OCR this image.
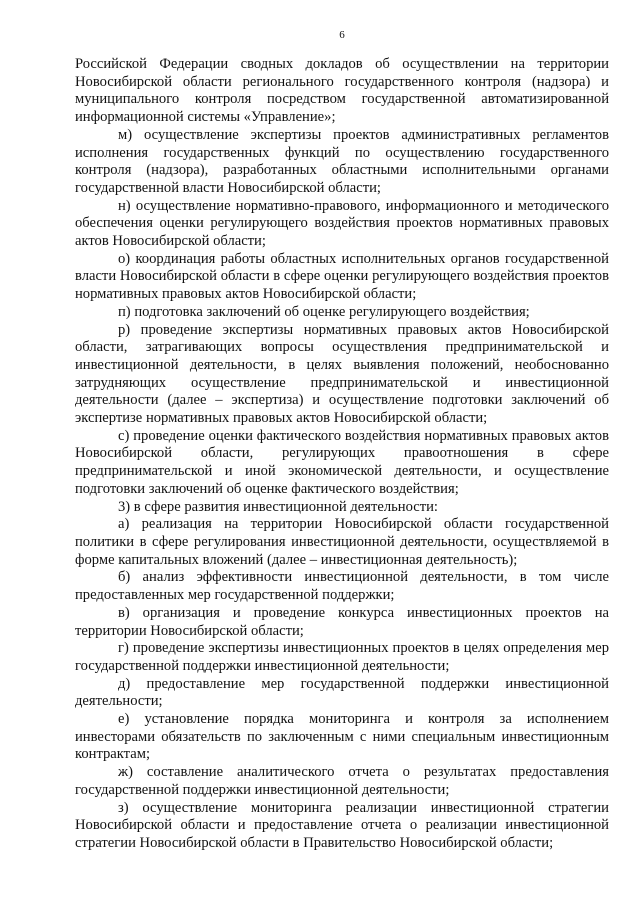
6

Российской Федерации сводных докладов об осуществлении на территории Новосибирской области регионального государственного контроля (надзора) и муниципального контроля посредством государственной автоматизированной информационной системы «Управление»;

м) осуществление экспертизы проектов административных регламентов исполнения государственных функций по осуществлению государственного контроля (надзора), разработанных областными исполнительными органами государственной власти Новосибирской области;

н) осуществление нормативно-правового, информационного и методического обеспечения оценки регулирующего воздействия проектов нормативных правовых актов Новосибирской области;

о) координация работы областных исполнительных органов государственной власти Новосибирской области в сфере оценки регулирующего воздействия проектов нормативных правовых актов Новосибирской области;

п) подготовка заключений об оценке регулирующего воздействия;

р) проведение экспертизы нормативных правовых актов Новосибирской области, затрагивающих вопросы осуществления предпринимательской и инвестиционной деятельности, в целях выявления положений, необоснованно затрудняющих осуществление предпринимательской и инвестиционной деятельности (далее – экспертиза) и осуществление подготовки заключений об экспертизе нормативных правовых актов Новосибирской области;

с) проведение оценки фактического воздействия нормативных правовых актов Новосибирской области, регулирующих правоотношения в сфере предпринимательской и иной экономической деятельности, и осуществление подготовки заключений об оценке фактического воздействия;

3) в сфере развития инвестиционной деятельности:

а) реализация на территории Новосибирской области государственной политики в сфере регулирования инвестиционной деятельности, осуществляемой в форме капитальных вложений (далее – инвестиционная деятельность);

б) анализ эффективности инвестиционной деятельности, в том числе предоставленных мер государственной поддержки;

в) организация и проведение конкурса инвестиционных проектов на территории Новосибирской области;

г) проведение экспертизы инвестиционных проектов в целях определения мер государственной поддержки инвестиционной деятельности;

д) предоставление мер государственной поддержки инвестиционной деятельности;

е) установление порядка мониторинга и контроля за исполнением инвесторами обязательств по заключенным с ними специальным инвестиционным контрактам;

ж) составление аналитического отчета о результатах предоставления государственной поддержки инвестиционной деятельности;

з) осуществление мониторинга реализации инвестиционной стратегии Новосибирской области и предоставление отчета о реализации инвестиционной стратегии Новосибирской области в Правительство Новосибирской области;
